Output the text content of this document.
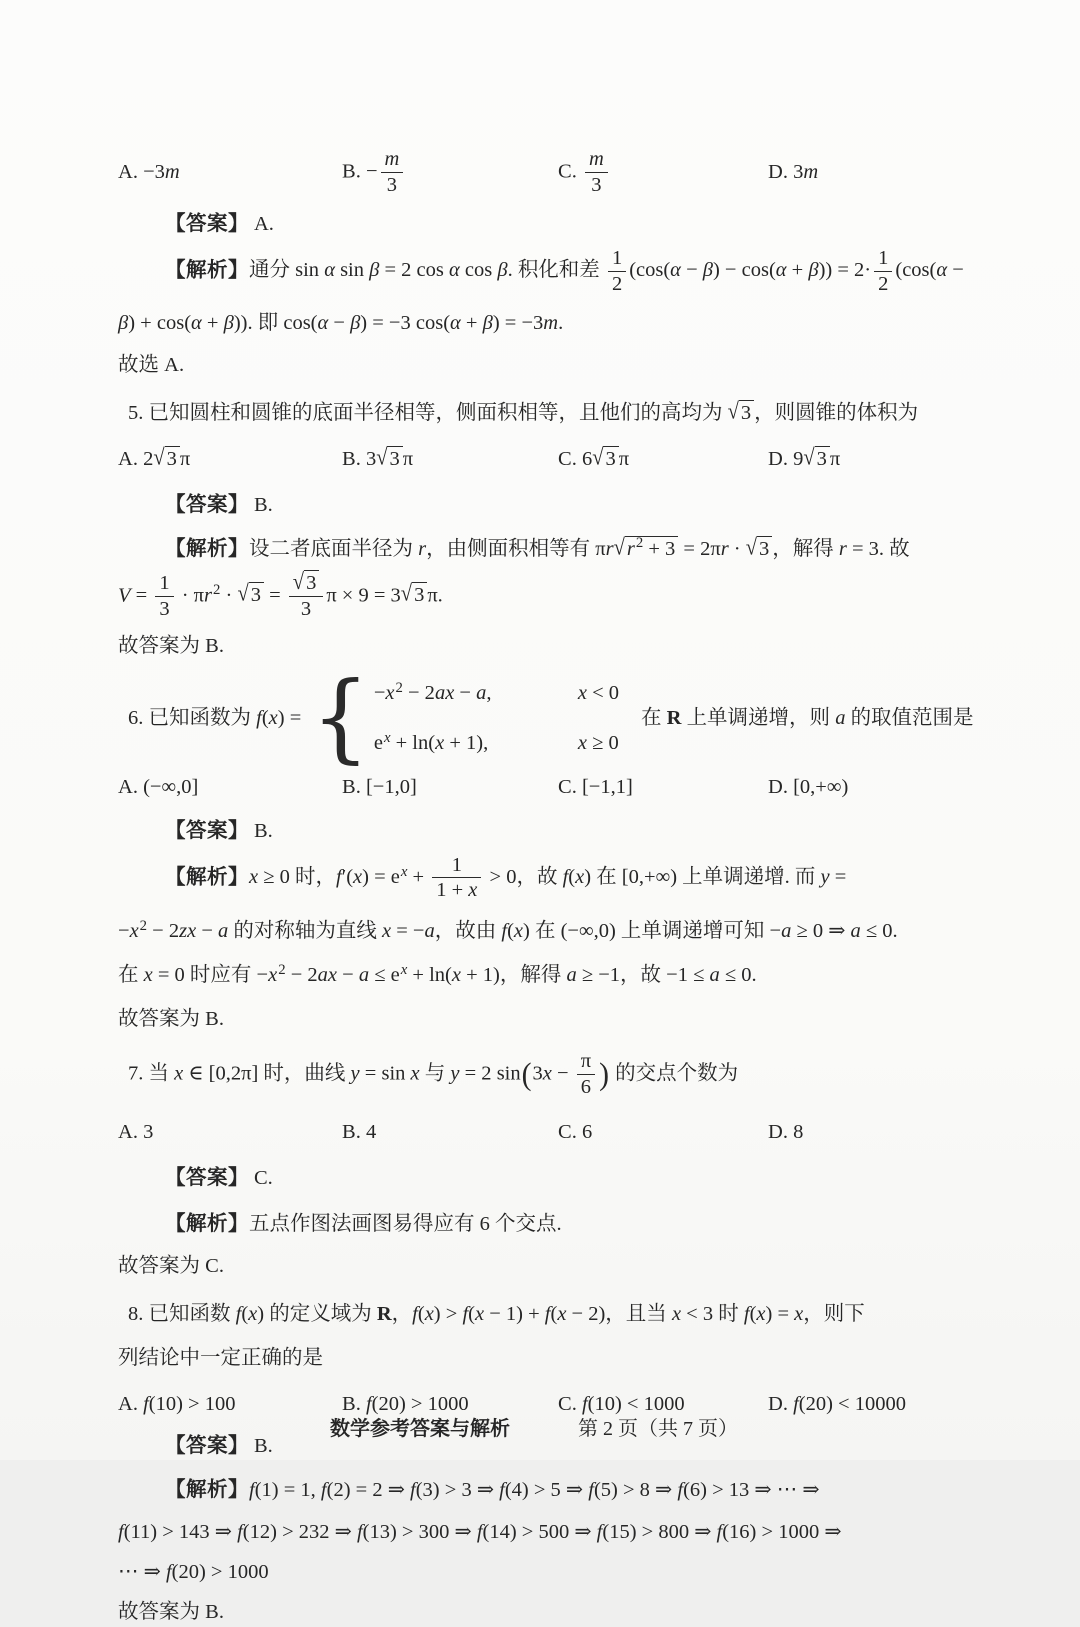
A. −3m	B. − $\frac{m}{3}$	C. $\frac{m}{3}$	D. 3m
【答案】 A.
【解析】通分 sin α sin β = 2 cos α cos β. 积化和差 $\frac{1}{2} (\cos(\alpha - \beta) - \cos(\alpha + \beta)) = 2\cdot \frac{1}{2} (\cos(\alpha$ −
β) + cos(α + β)). 即 cos(α − β) = −3 cos(α + β) = −3m.
故选 A.
5. 已知圆柱和圆锥的底面半径相等，侧面积相等，且他们的高均为 √3 ，则圆锥的体积为
A. 2√3 π	B. 3√3 π	C. 6√3 π	D. 9√3 π
【答案】 B.
【解析】设二者底面半径为 r，由侧面积相等有 $\pi r√r^2 + 3 = 2\pi r \cdot √3$ ，解得 r = 3. 故
$V = \frac{1}{3} \cdot \pi r^2 \cdot √3 = \frac{√3}{3}$ π × 9 = 3√3 π.
故答案为 B.
6. 已知函数为 f(x) = { $-x^2 - 2ax - a$,	x < 0
$e^x + \ln(x + 1)$,	x ≥ 0
在 R 上单调递增，则 a 的取值范围是
A. (−∞,0]	B. [−1,0]	C. [−1,1]	D. [0,+∞)
【答案】 B.
【解析】x ≥ 0 时，$f'(x) = e^x + \frac{1}{1 + x} > 0$，故 f(x) 在 [0,+∞) 上单调递增. 而 y =
$-x^2 - 2zx - a$ 的对称轴为直线 x = −a，故由 f(x) 在 (−∞,0) 上单调递增可知 −a ≥ 0 ⇒ a ≤ 0.
在 x = 0 时应有 $-x^2 - 2ax - a \le e^x + \ln(x + 1)$，解得 a ≥ −1，故 −1 ≤ a ≤ 0.
故答案为 B.
7. 当 x ∈ [0,2π] 时，曲线 y = sin x 与 y = 2 $\sin(3x - \frac{\pi}{6}$ ) 的交点个数为
A. 3	B. 4	C. 6	D. 8
【答案】 C.
【解析】五点作图法画图易得应有 6 个交点.
故答案为 C.
8. 已知函数 f(x) 的定义域为 R，f(x) > f(x − 1) + f(x − 2)，且当 x < 3 时 f(x) = x，则下
列结论中一定正确的是
A. f(10) > 100	B. f(20) > 1000	C. f(10) < 1000	D. f(20) < 10000
【答案】 B.
【解析】f(1) = 1, f(2) = 2 ⇒ f(3) > 3 ⇒ f(4) > 5 ⇒ f(5) > 8 ⇒ f(6) > 13 ⇒ ⋯ ⇒
f(11) > 143 ⇒ f(12) > 232 ⇒ f(13) > 300 ⇒ f(14) > 500 ⇒ f(15) > 800 ⇒ f(16) > 1000 ⇒
⋯ ⇒ f(20) > 1000
故答案为 B.
数学参考答案与解析	第 2 页（共 7 页）
